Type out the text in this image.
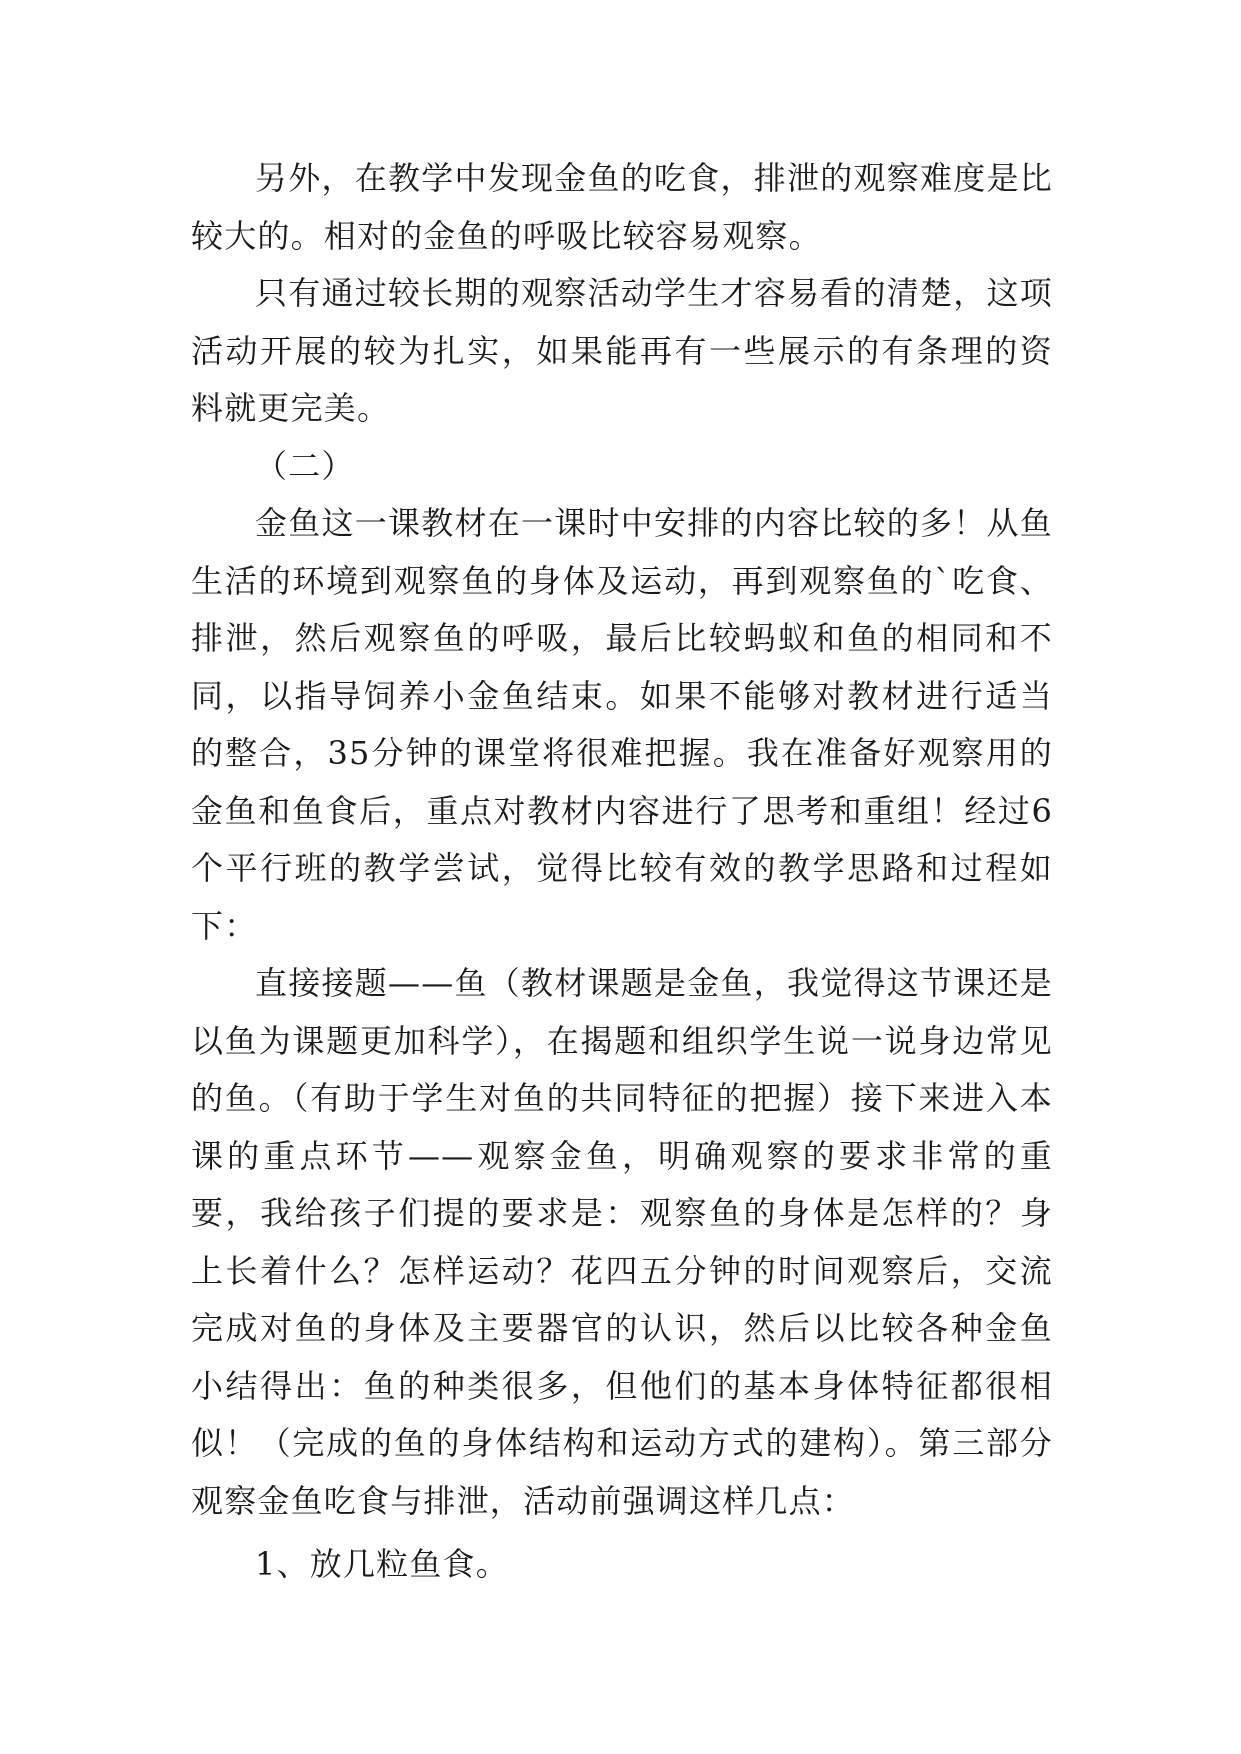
另外，在教学中发现金鱼的吃食，排泄的观察难度是比较大的。相对的金鱼的呼吸比较容易观察。

只有通过较长期的观察活动学生才容易看的清楚，这项活动开展的较为扎实，如果能再有一些展示的有条理的资料就更完美。

（二）

金鱼这一课教材在一课时中安排的内容比较的多！从鱼生活的环境到观察鱼的身体及运动，再到观察鱼的`吃食、排泄，然后观察鱼的呼吸，最后比较蚂蚁和鱼的相同和不同，以指导饲养小金鱼结束。如果不能够对教材进行适当的整合，35分钟的课堂将很难把握。我在准备好观察用的金鱼和鱼食后，重点对教材内容进行了思考和重组！经过6个平行班的教学尝试，觉得比较有效的教学思路和过程如下：

直接接题——鱼（教材课题是金鱼，我觉得这节课还是以鱼为课题更加科学），在揭题和组织学生说一说身边常见的鱼。（有助于学生对鱼的共同特征的把握）接下来进入本课的重点环节——观察金鱼，明确观察的要求非常的重要，我给孩子们提的要求是：观察鱼的身体是怎样的？身上长着什么？怎样运动？花四五分钟的时间观察后，交流完成对鱼的身体及主要器官的认识，然后以比较各种金鱼小结得出：鱼的种类很多，但他们的基本身体特征都很相似！（完成的鱼的身体结构和运动方式的建构）。第三部分观察金鱼吃食与排泄，活动前强调这样几点：

1、放几粒鱼食。
